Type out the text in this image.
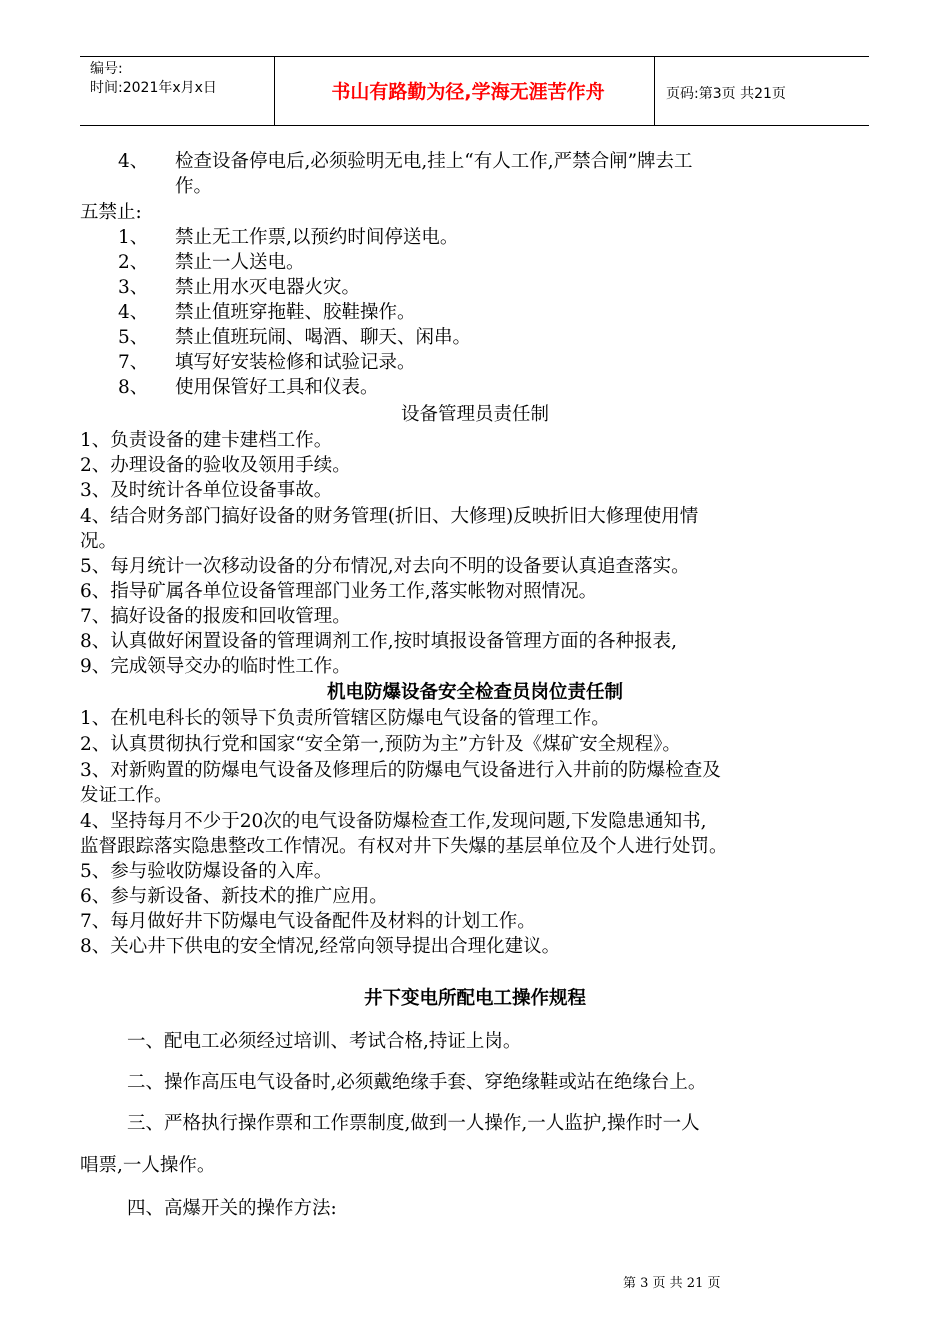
编号:
时间:2021年x月x日	书山有路勤为径,学海无涯苦作舟	页码:第3页 共21页
4、 检查设备停电后,必须验明无电,挂上“有人工作,严禁合闸”牌去工
作。
五禁止:
1、 禁止无工作票,以预约时间停送电。
2、 禁止一人送电。
3、 禁止用水灭电器火灾。
4、 禁止值班穿拖鞋、胶鞋操作。
5、 禁止值班玩闹、喝酒、聊天、闲串。
7、 填写好安装检修和试验记录。
8、 使用保管好工具和仪表。
设备管理员责任制
1、负责设备的建卡建档工作。
2、办理设备的验收及领用手续。
3、及时统计各单位设备事故。
4、结合财务部门搞好设备的财务管理(折旧、大修理)反映折旧大修理使用情
况。
5、每月统计一次移动设备的分布情况,对去向不明的设备要认真追查落实。
6、指导矿属各单位设备管理部门业务工作,落实帐物对照情况。
7、搞好设备的报废和回收管理。
8、认真做好闲置设备的管理调剂工作,按时填报设备管理方面的各种报表,
9、完成领导交办的临时性工作。
机电防爆设备安全检查员岗位责任制
1、在机电科长的领导下负责所管辖区防爆电气设备的管理工作。
2、认真贯彻执行党和国家“安全第一,预防为主”方针及《煤矿安全规程》。
3、对新购置的防爆电气设备及修理后的防爆电气设备进行入井前的防爆检查及
发证工作。
4、坚持每月不少于20次的电气设备防爆检查工作,发现问题,下发隐患通知书,
监督跟踪落实隐患整改工作情况。有权对井下失爆的基层单位及个人进行处罚。
5、参与验收防爆设备的入库。
6、参与新设备、新技术的推广应用。
7、每月做好井下防爆电气设备配件及材料的计划工作。
8、关心井下供电的安全情况,经常向领导提出合理化建议。
井下变电所配电工操作规程
一、配电工必须经过培训、考试合格,持证上岗。
二、操作高压电气设备时,必须戴绝缘手套、穿绝缘鞋或站在绝缘台上。
三、严格执行操作票和工作票制度,做到一人操作,一人监护,操作时一人
唱票,一人操作。
四、高爆开关的操作方法:
第 3 页 共 21 页
